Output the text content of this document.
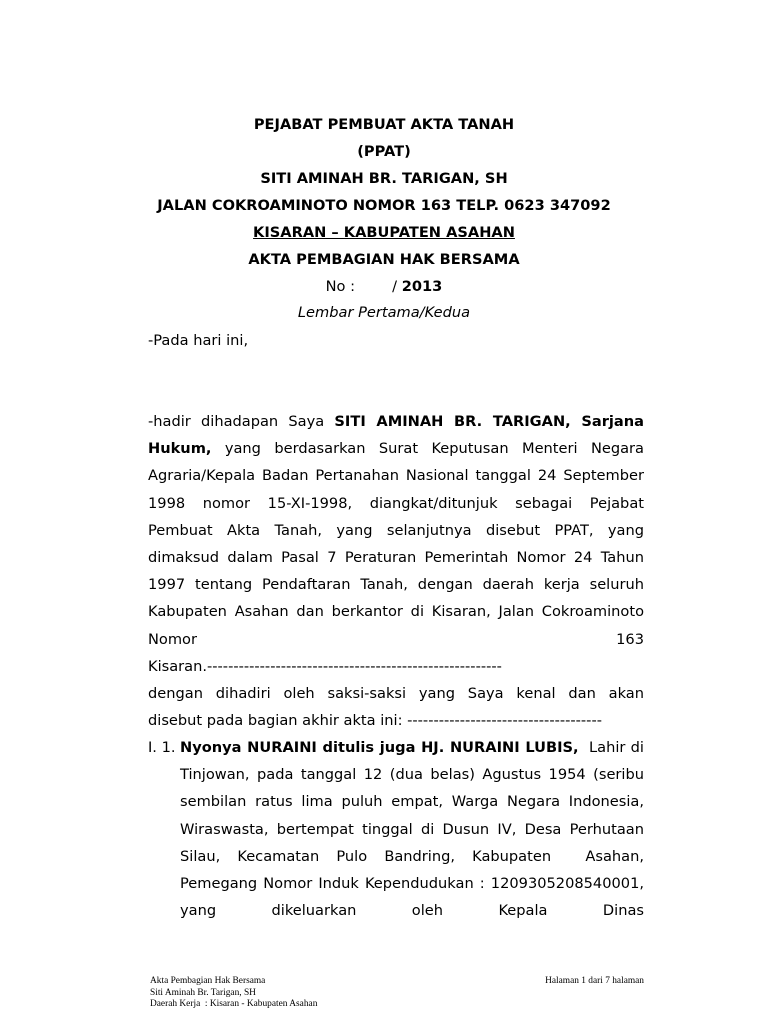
PEJABAT PEMBUAT AKTA TANAH
(PPAT)
SITI AMINAH BR. TARIGAN, SH
JALAN COKROAMINOTO NOMOR 163 TELP. 0623 347092
KISARAN – KABUPATEN ASAHAN
AKTA PEMBAGIAN HAK BERSAMA
No :        / 2013
Lembar Pertama/Kedua
-Pada hari ini,
-hadir dihadapan Saya SITI AMINAH BR. TARIGAN, Sarjana Hukum, yang berdasarkan Surat Keputusan Menteri Negara Agraria/Kepala Badan Pertanahan Nasional tanggal 24 September 1998 nomor 15-XI-1998, diangkat/ditunjuk sebagai Pejabat Pembuat Akta Tanah, yang selanjutnya disebut PPAT, yang dimaksud dalam Pasal 7 Peraturan Pemerintah Nomor 24 Tahun 1997 tentang Pendaftaran Tanah, dengan daerah kerja seluruh Kabupaten Asahan dan berkantor di Kisaran, Jalan Cokroaminoto Nomor 163
Kisaran.--------------------------------------------------------
dengan dihadiri oleh saksi-saksi yang Saya kenal dan akan
disebut pada bagian akhir akta ini: -------------------------------------
I. 1. Nyonya NURAINI ditulis juga HJ. NURAINI LUBIS,  Lahir di Tinjowan, pada tanggal 12 (dua belas) Agustus 1954 (seribu sembilan ratus lima puluh empat, Warga Negara Indonesia, Wiraswasta, bertempat tinggal di Dusun IV, Desa Perhutaan Silau, Kecamatan Pulo Bandring, Kabupaten  Asahan, Pemegang Nomor Induk Kependudukan : 1209305208540001, yang dikeluarkan oleh Kepala Dinas
Akta Pembagian Hak Bersama
Siti Aminah Br. Tarigan, SH
Daerah Kerja  : Kisaran - Kabupaten Asahan
Halaman 1 dari 7 halaman
